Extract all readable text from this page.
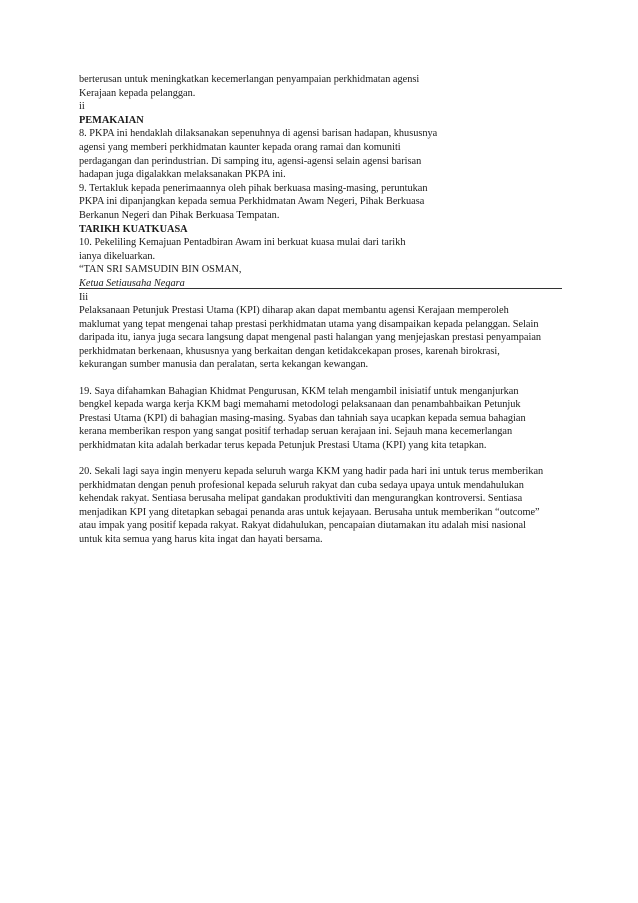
berterusan untuk meningkatkan kecemerlangan penyampaian perkhidmatan agensi
Kerajaan kepada pelanggan.
ii
PEMAKAIAN
8. PKPA ini hendaklah dilaksanakan sepenuhnya di agensi barisan hadapan, khususnya
agensi yang memberi perkhidmatan kaunter kepada orang ramai dan komuniti
perdagangan dan perindustrian. Di samping itu, agensi-agensi selain agensi barisan
hadapan juga digalakkan melaksanakan PKPA ini.
9. Tertakluk kepada penerimaannya oleh pihak berkuasa masing-masing, peruntukan
PKPA ini dipanjangkan kepada semua Perkhidmatan Awam Negeri, Pihak Berkuasa
Berkanun Negeri dan Pihak Berkuasa Tempatan.
TARIKH KUATKUASA
10. Pekeliling Kemajuan Pentadbiran Awam ini berkuat kuasa mulai dari tarikh
ianya dikeluarkan.
“TAN SRI SAMSUDIN BIN OSMAN,
Ketua Setiausaha Negara
Iii
Pelaksanaan Petunjuk Prestasi Utama (KPI) diharap akan dapat membantu agensi Kerajaan memperoleh
maklumat yang tepat mengenai tahap prestasi perkhidmatan utama yang disampaikan kepada pelanggan. Selain
daripada itu, ianya juga secara langsung dapat mengenal pasti halangan yang menjejaskan prestasi penyampaian
perkhidmatan berkenaan, khususnya yang berkaitan dengan ketidakcekapan proses, karenah birokrasi,
kekurangan sumber manusia dan peralatan, serta kekangan kewangan.
19. Saya difahamkan Bahagian Khidmat Pengurusan, KKM telah mengambil inisiatif untuk menganjurkan
bengkel kepada warga kerja KKM bagi memahami metodologi pelaksanaan dan penambahbaikan Petunjuk
Prestasi Utama (KPI) di bahagian masing-masing. Syabas dan tahniah saya ucapkan kepada semua bahagian
kerana memberikan respon yang sangat positif terhadap seruan kerajaan ini. Sejauh mana kecemerlangan
perkhidmatan kita adalah berkadar terus kepada Petunjuk Prestasi Utama (KPI) yang kita tetapkan.
20. Sekali lagi saya ingin menyeru kepada seluruh warga KKM yang hadir pada hari ini untuk terus memberikan
perkhidmatan dengan penuh profesional kepada seluruh rakyat dan cuba sedaya upaya untuk mendahulukan
kehendak rakyat. Sentiasa berusaha melipat gandakan produktiviti dan mengurangkan kontroversi. Sentiasa
menjadikan KPI yang ditetapkan sebagai penanda aras untuk kejayaan. Berusaha untuk memberikan “outcome”
atau impak yang positif kepada rakyat. Rakyat didahulukan, pencapaian diutamakan itu adalah misi nasional
untuk kita semua yang harus kita ingat dan hayati bersama.
